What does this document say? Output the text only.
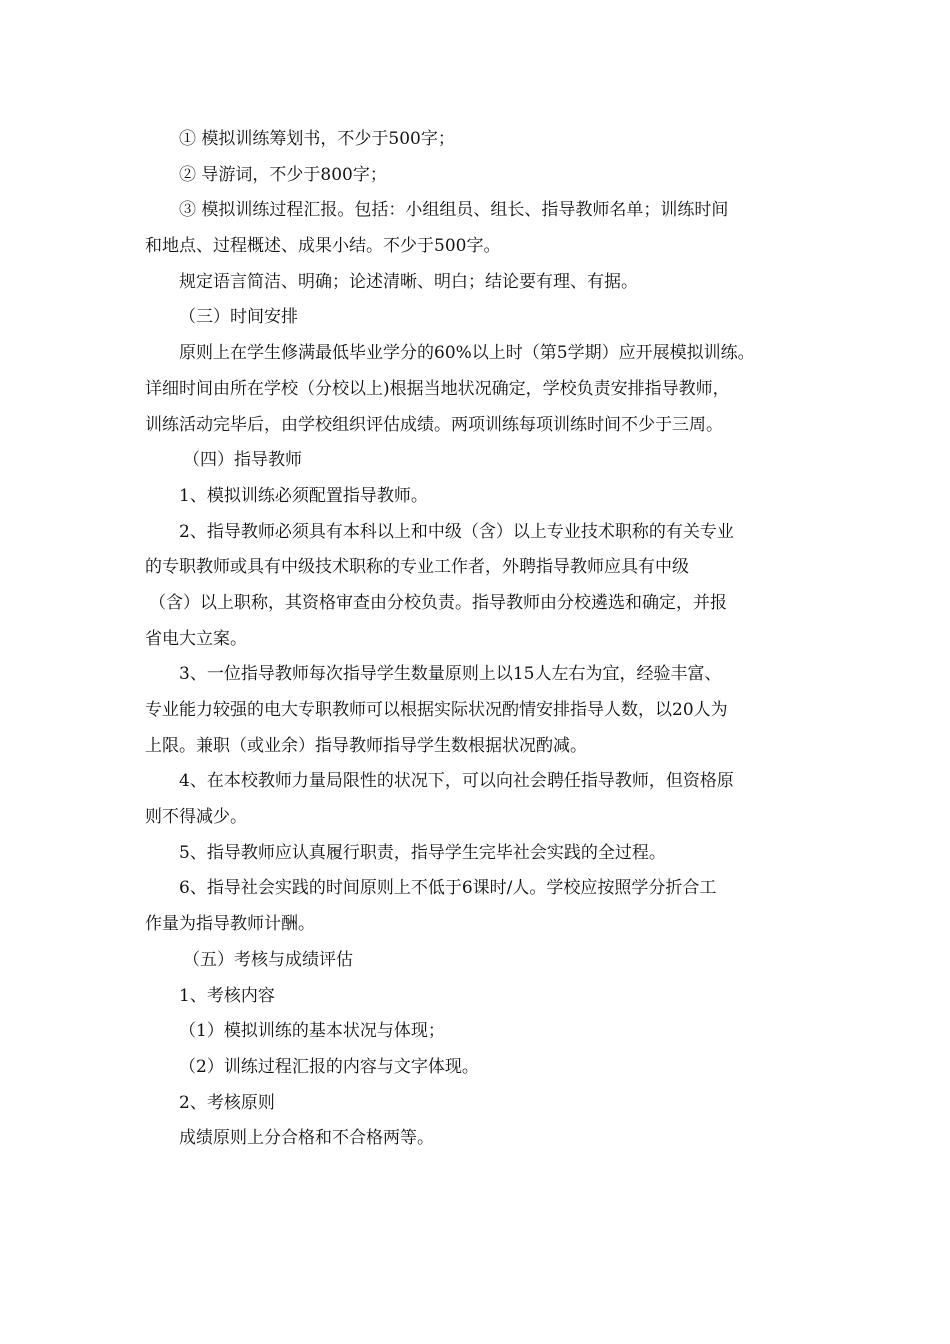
① 模拟训练筹划书，不少于500字；
② 导游词，不少于800字；
③ 模拟训练过程汇报。包括：小组组员、组长、指导教师名单；训练时间
和地点、过程概述、成果小结。不少于500字。
规定语言简洁、明确；论述清晰、明白；结论要有理、有据。
（三）时间安排
原则上在学生修满最低毕业学分的60%以上时（第5学期）应开展模拟训练。
详细时间由所在学校（分校以上)根据当地状况确定，学校负责安排指导教师，
训练活动完毕后，由学校组织评估成绩。两项训练每项训练时间不少于三周。
（四）指导教师
1、模拟训练必须配置指导教师。
2、指导教师必须具有本科以上和中级（含）以上专业技术职称的有关专业
的专职教师或具有中级技术职称的专业工作者，外聘指导教师应具有中级
（含）以上职称，其资格审查由分校负责。指导教师由分校遴选和确定，并报
省电大立案。
3、一位指导教师每次指导学生数量原则上以15人左右为宜，经验丰富、
专业能力较强的电大专职教师可以根据实际状况酌情安排指导人数，以20人为
上限。兼职（或业余）指导教师指导学生数根据状况酌减。
4、在本校教师力量局限性的状况下，可以向社会聘任指导教师，但资格原
则不得减少。
5、指导教师应认真履行职责，指导学生完毕社会实践的全过程。
6、指导社会实践的时间原则上不低于6课时/人。学校应按照学分折合工
作量为指导教师计酬。
（五）考核与成绩评估
1、考核内容
（1）模拟训练的基本状况与体现；
（2）训练过程汇报的内容与文字体现。
2、考核原则
成绩原则上分合格和不合格两等。
